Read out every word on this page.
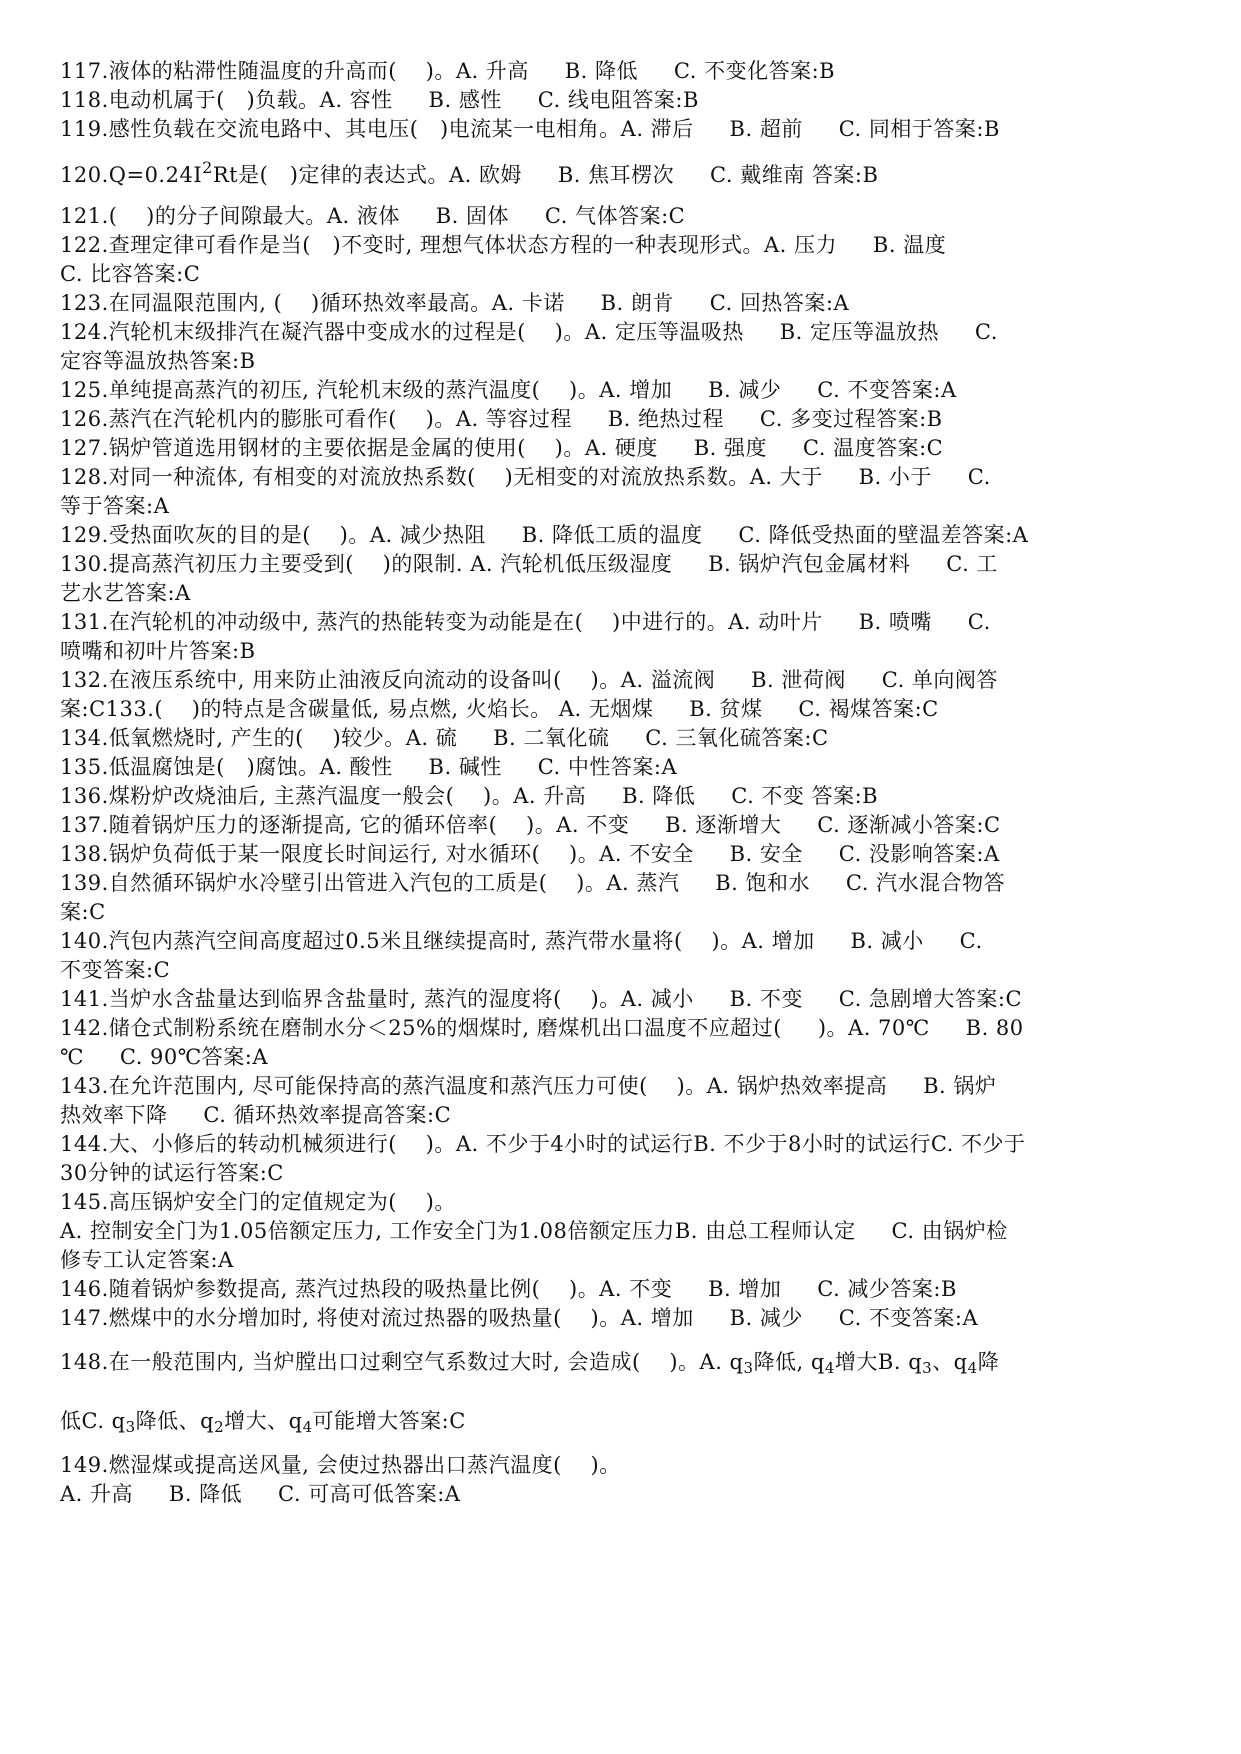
117.液体的粘滞性随温度的升高而(    )。A. 升高     B. 降低     C. 不变化答案:B
118.电动机属于(   )负载。A. 容性     B. 感性     C. 线电阻答案:B
119.感性负载在交流电路中、其电压(   )电流某一电相角。A. 滞后     B. 超前     C. 同相于答案:B
$120.Q=0.24I^2Rt$是(   )定律的表达式。A. 欧姆     B. 焦耳楞次     C. 戴维南 答案:B
121.(    )的分子间隙最大。A. 液体     B. 固体     C. 气体答案:C
122.查理定律可看作是当(   )不变时, 理想气体状态方程的一种表现形式。A. 压力     B. 温度
C. 比容答案:C
123.在同温限范围内, (    )循环热效率最高。A. 卡诺     B. 朗肯     C. 回热答案:A
124.汽轮机末级排汽在凝汽器中变成水的过程是(    )。A. 定压等温吸热     B. 定压等温放热     C.
定容等温放热答案:B
125.单纯提高蒸汽的初压, 汽轮机末级的蒸汽温度(    )。A. 增加     B. 减少     C. 不变答案:A
126.蒸汽在汽轮机内的膨胀可看作(    )。A. 等容过程     B. 绝热过程     C. 多变过程答案:B
127.锅炉管道选用钢材的主要依据是金属的使用(    )。A. 硬度     B. 强度     C. 温度答案:C
128.对同一种流体, 有相变的对流放热系数(    )无相变的对流放热系数。A. 大于     B. 小于     C.
等于答案:A
129.受热面吹灰的目的是(    )。A. 减少热阻     B. 降低工质的温度     C. 降低受热面的壁温差答案:A
130.提高蒸汽初压力主要受到(    )的限制. A. 汽轮机低压级湿度     B. 锅炉汽包金属材料     C. 工
艺水艺答案:A
131.在汽轮机的冲动级中, 蒸汽的热能转变为动能是在(    )中进行的。A. 动叶片     B. 喷嘴     C.
喷嘴和初叶片答案:B
132.在液压系统中, 用来防止油液反向流动的设备叫(    )。A. 溢流阀     B. 泄荷阀     C. 单向阀答
案:C133.(    )的特点是含碳量低, 易点燃, 火焰长。 A. 无烟煤     B. 贫煤     C. 褐煤答案:C
134.低氧燃烧时, 产生的(    )较少。A. 硫     B. 二氧化硫     C. 三氧化硫答案:C
135.低温腐蚀是(   )腐蚀。A. 酸性     B. 碱性     C. 中性答案:A
136.煤粉炉改烧油后, 主蒸汽温度一般会(    )。A. 升高     B. 降低     C. 不变 答案:B
137.随着锅炉压力的逐渐提高, 它的循环倍率(    )。A. 不变     B. 逐渐增大     C. 逐渐减小答案:C
138.锅炉负荷低于某一限度长时间运行, 对水循环(    )。A. 不安全     B. 安全     C. 没影响答案:A
139.自然循环锅炉水冷壁引出管进入汽包的工质是(    )。A. 蒸汽     B. 饱和水     C. 汽水混合物答
案:C
140.汽包内蒸汽空间高度超过0.5米且继续提高时, 蒸汽带水量将(    )。A. 增加     B. 减小     C.
不变答案:C
141.当炉水含盐量达到临界含盐量时, 蒸汽的湿度将(    )。A. 减小     B. 不变     C. 急剧增大答案:C
142.储仓式制粉系统在磨制水分＜25%的烟煤时, 磨煤机出口温度不应超过(     )。A. 70℃     B. 80
℃     C. 90℃答案:A
143.在允许范围内, 尽可能保持高的蒸汽温度和蒸汽压力可使(    )。A. 锅炉热效率提高     B. 锅炉
热效率下降     C. 循环热效率提高答案:C
144.大、小修后的转动机械须进行(    )。A. 不少于4小时的试运行B. 不少于8小时的试运行C. 不少于
30分钟的试运行答案:C
145.高压锅炉安全门的定值规定为(    )。
A. 控制安全门为1.05倍额定压力, 工作安全门为1.08倍额定压力B. 由总工程师认定     C. 由锅炉检
修专工认定答案:A
146.随着锅炉参数提高, 蒸汽过热段的吸热量比例(    )。A. 不变     B. 增加     C. 减少答案:B
147.燃煤中的水分增加时, 将使对流过热器的吸热量(    )。A. 增加     B. 减少     C. 不变答案:A
148.在一般范围内, 当炉膛出口过剩空气系数过大时, 会造成(    )。A. $q_3$降低, $q_4$增大B. $q_3$、$q_4$降
低C. $q_3$降低、$q_2$增大、$q_4$可能增大答案:C
149.燃湿煤或提高送风量, 会使过热器出口蒸汽温度(    )。
A. 升高     B. 降低     C. 可高可低答案:A
